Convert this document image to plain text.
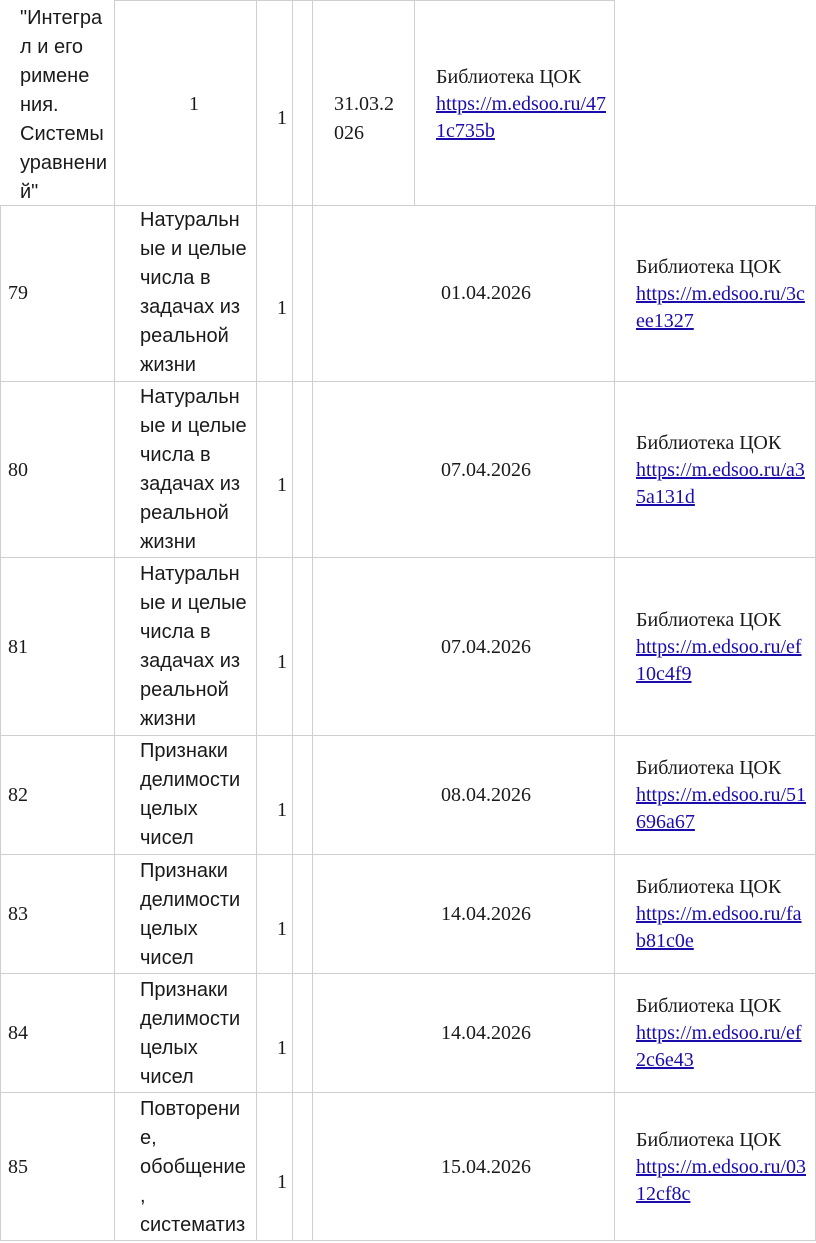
"Интегра
л и его
римене
ния.
Системы
уравнени
й"
1
1
31.03.2
026
Библиотека ЦОК
https://m.edsoo.ru/47
1c735b
79
Натуральн
ые и целые
числа в
задачах из
реальной
жизни
1
01.04.2026
Библиотека ЦОК
https://m.edsoo.ru/3c
ee1327
80
Натуральн
ые и целые
числа в
задачах из
реальной
жизни
1
07.04.2026
Библиотека ЦОК
https://m.edsoo.ru/a3
5a131d
81
Натуральн
ые и целые
числа в
задачах из
реальной
жизни
1
07.04.2026
Библиотека ЦОК
https://m.edsoo.ru/ef
10c4f9
82
Признаки
делимости
целых
чисел
1
08.04.2026
Библиотека ЦОК
https://m.edsoo.ru/51
696a67
83
Признаки
делимости
целых
чисел
1
14.04.2026
Библиотека ЦОК
https://m.edsoo.ru/fa
b81c0e
84
Признаки
делимости
целых
чисел
1
14.04.2026
Библиотека ЦОК
https://m.edsoo.ru/ef
2c6e43
85
Повторени
е,
обобщение
,
систематиз
1
15.04.2026
Библиотека ЦОК
https://m.edsoo.ru/03
12cf8c
